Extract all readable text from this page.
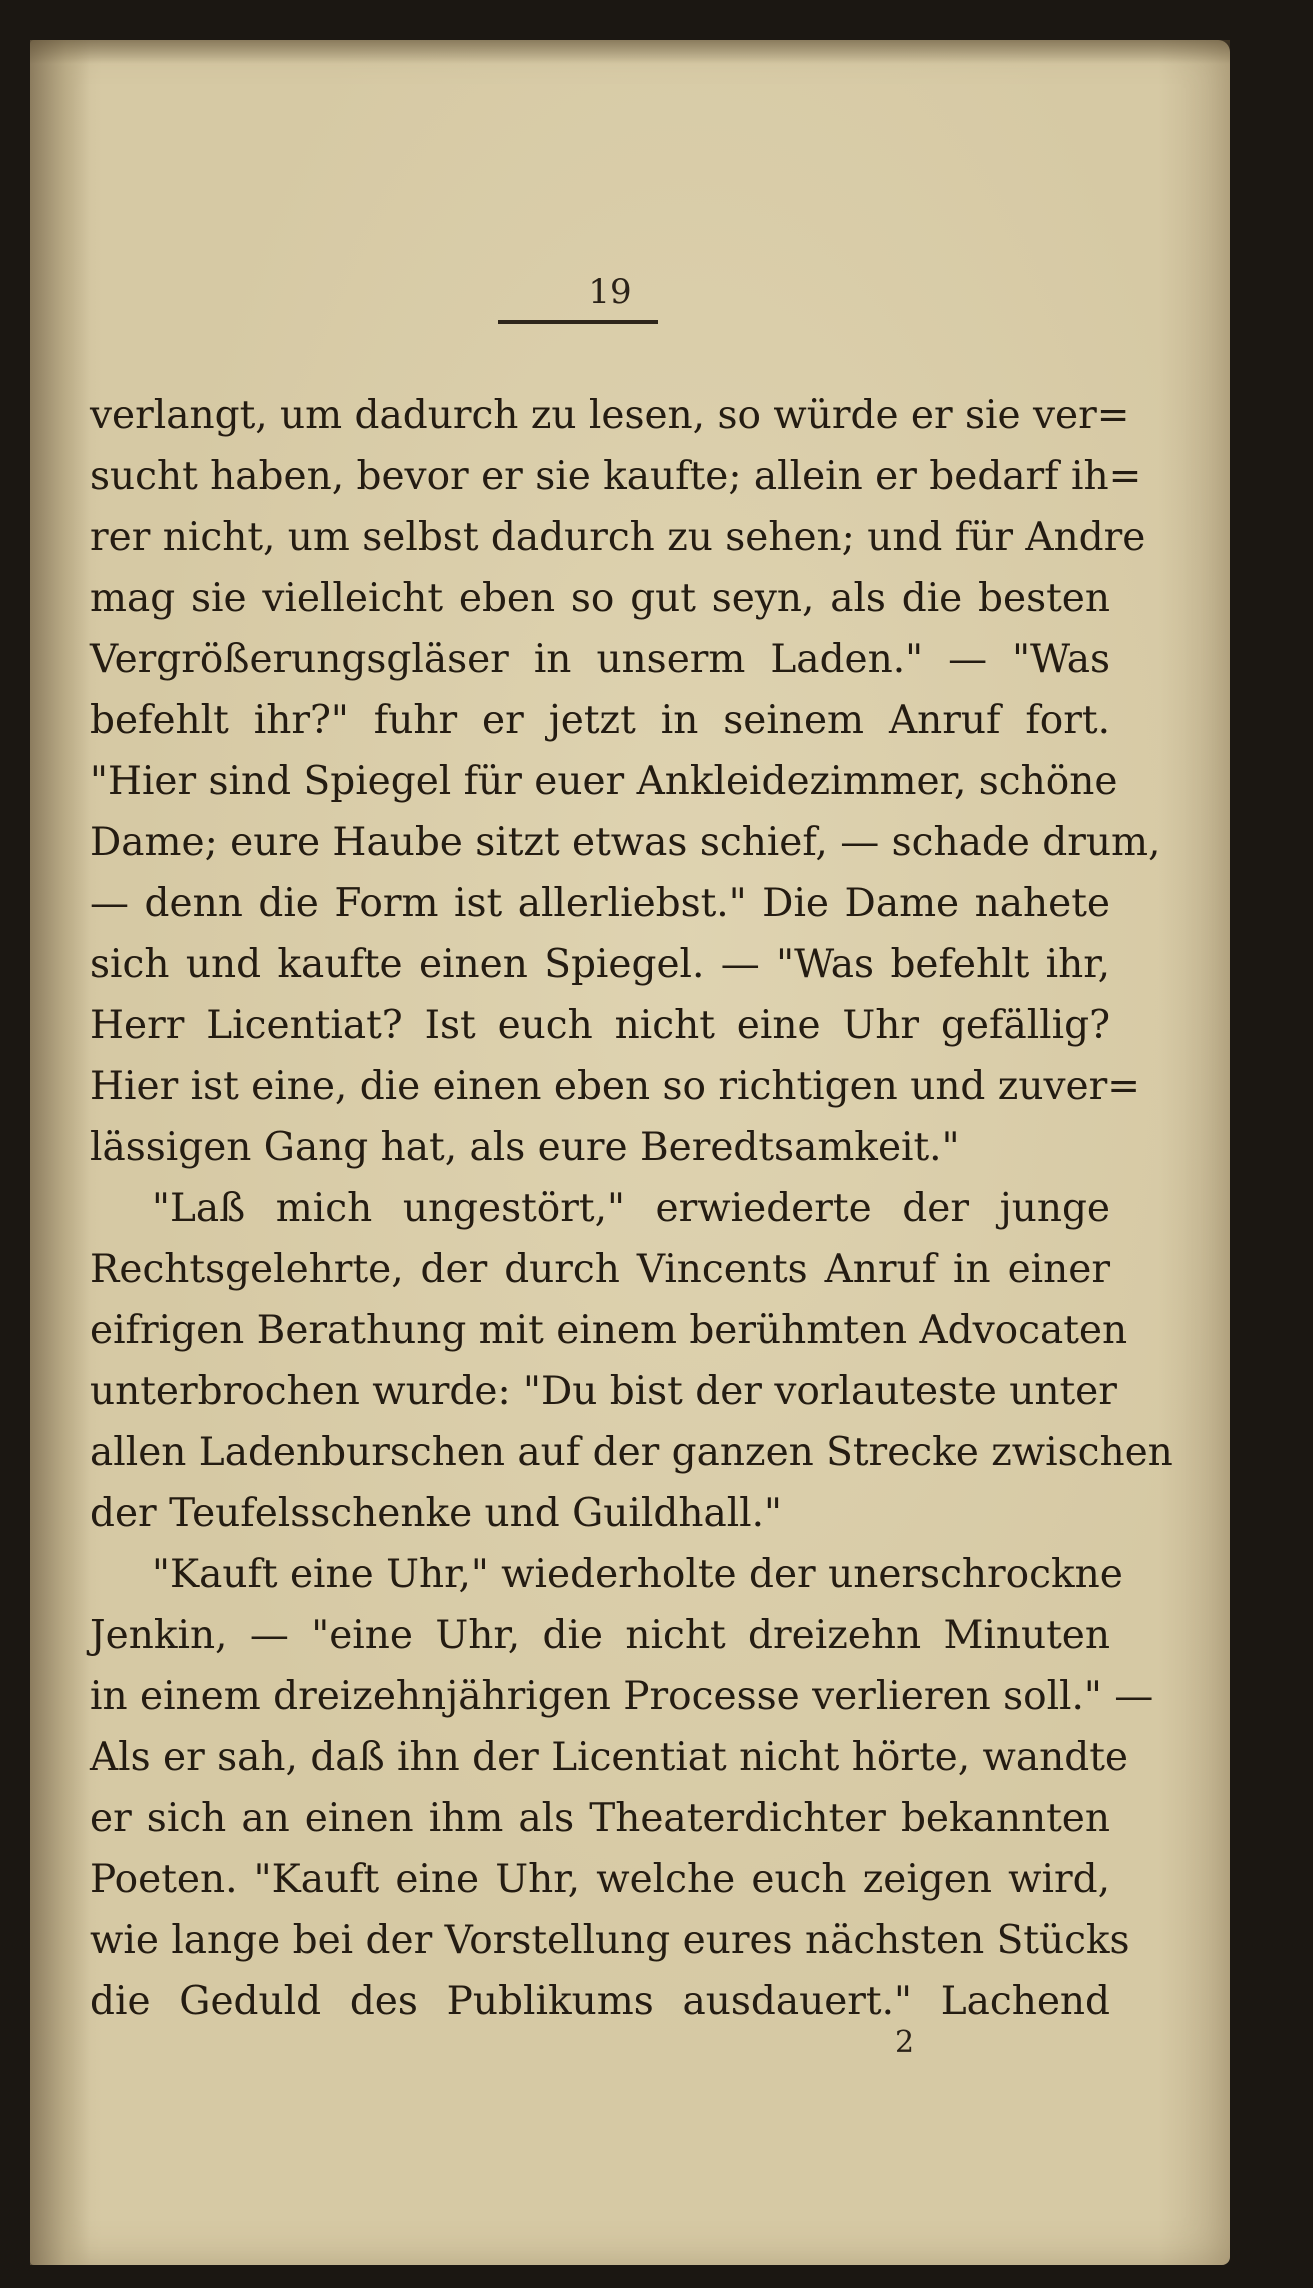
19
verlangt, um dadurch zu lesen, so würde er sie ver=
sucht haben, bevor er sie kaufte; allein er bedarf ih=
rer nicht, um selbst dadurch zu sehen; und für Andre
mag sie vielleicht eben so gut seyn, als die besten
Vergrößerungsgläser in unserm Laden." — "Was
befehlt ihr?" fuhr er jetzt in seinem Anruf fort.
"Hier sind Spiegel für euer Ankleidezimmer, schöne
Dame; eure Haube sitzt etwas schief, — schade drum,
— denn die Form ist allerliebst." Die Dame nahete
sich und kaufte einen Spiegel. — "Was befehlt ihr,
Herr Licentiat? Ist euch nicht eine Uhr gefällig?
Hier ist eine, die einen eben so richtigen und zuver=
lässigen Gang hat, als eure Beredtsamkeit."
"Laß mich ungestört," erwiederte der junge
Rechtsgelehrte, der durch Vincents Anruf in einer
eifrigen Berathung mit einem berühmten Advocaten
unterbrochen wurde: "Du bist der vorlauteste unter
allen Ladenburschen auf der ganzen Strecke zwischen
der Teufelsschenke und Guildhall."
"Kauft eine Uhr," wiederholte der unerschrockne
Jenkin, — "eine Uhr, die nicht dreizehn Minuten
in einem dreizehnjährigen Processe verlieren soll." —
Als er sah, daß ihn der Licentiat nicht hörte, wandte
er sich an einen ihm als Theaterdichter bekannten
Poeten. "Kauft eine Uhr, welche euch zeigen wird,
wie lange bei der Vorstellung eures nächsten Stücks
die Geduld des Publikums ausdauert." Lachend
2
